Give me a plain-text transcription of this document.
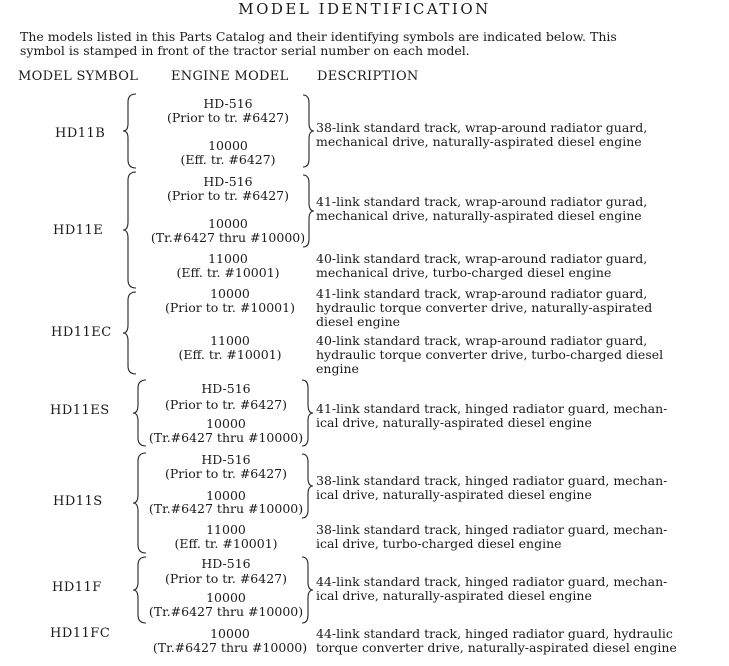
MODEL IDENTIFICATION
The models listed in this Parts Catalog and their identifying symbols are indicated below. This
symbol is stamped in front of the tractor serial number on each model.
MODEL SYMBOL	ENGINE MODEL DESCRIPTION
HD11B
HD-516
(Prior to tr. #6427)
10000
(Eff. tr. #6427)
38-link standard track, wrap-around radiator guard,
mechanical drive, naturally-aspirated diesel engine
HD11E
HD-516
(Prior to tr. #6427)
10000
(Tr.#6427 thru #10000)
11000
(Eff. tr. #10001)
41-link standard track, wrap-around radiator gurad,
mechanical drive, naturally-aspirated diesel engine
40-link standard track, wrap-around radiator guard,
mechanical drive, turbo-charged diesel engine
HD11EC
10000
(Prior to tr. #10001)
11000
(Eff. tr. #10001)
41-link standard track, wrap-around radiator guard,
hydraulic torque converter drive, naturally-aspirated
diesel engine
40-link standard track, wrap-around radiator guard,
hydraulic torque converter drive, turbo-charged diesel
engine
HD11ES
HD-516
(Prior to tr. #6427)
10000
(Tr.#6427 thru #10000)
41-link standard track, hinged radiator guard, mechan-
ical drive, naturally-aspirated diesel engine
HD11S
HD-516
(Prior to tr. #6427)
10000
(Tr.#6427 thru #10000)
11000
(Eff. tr. #10001)
38-link standard track, hinged radiator guard, mechan-
ical drive, naturally-aspirated diesel engine
38-link standard track, hinged radiator guard, mechan-
ical drive, turbo-charged diesel engine
HD11F
HD-516
(Prior to tr. #6427)
10000
(Tr.#6427 thru #10000)
44-link standard track, hinged radiator guard, mechan-
ical drive, naturally-aspirated diesel engine
HD11FC	10000
(Tr.#6427 thru #10000)
44-link standard track, hinged radiator guard, hydraulic
torque converter drive, naturally-aspirated diesel engine
